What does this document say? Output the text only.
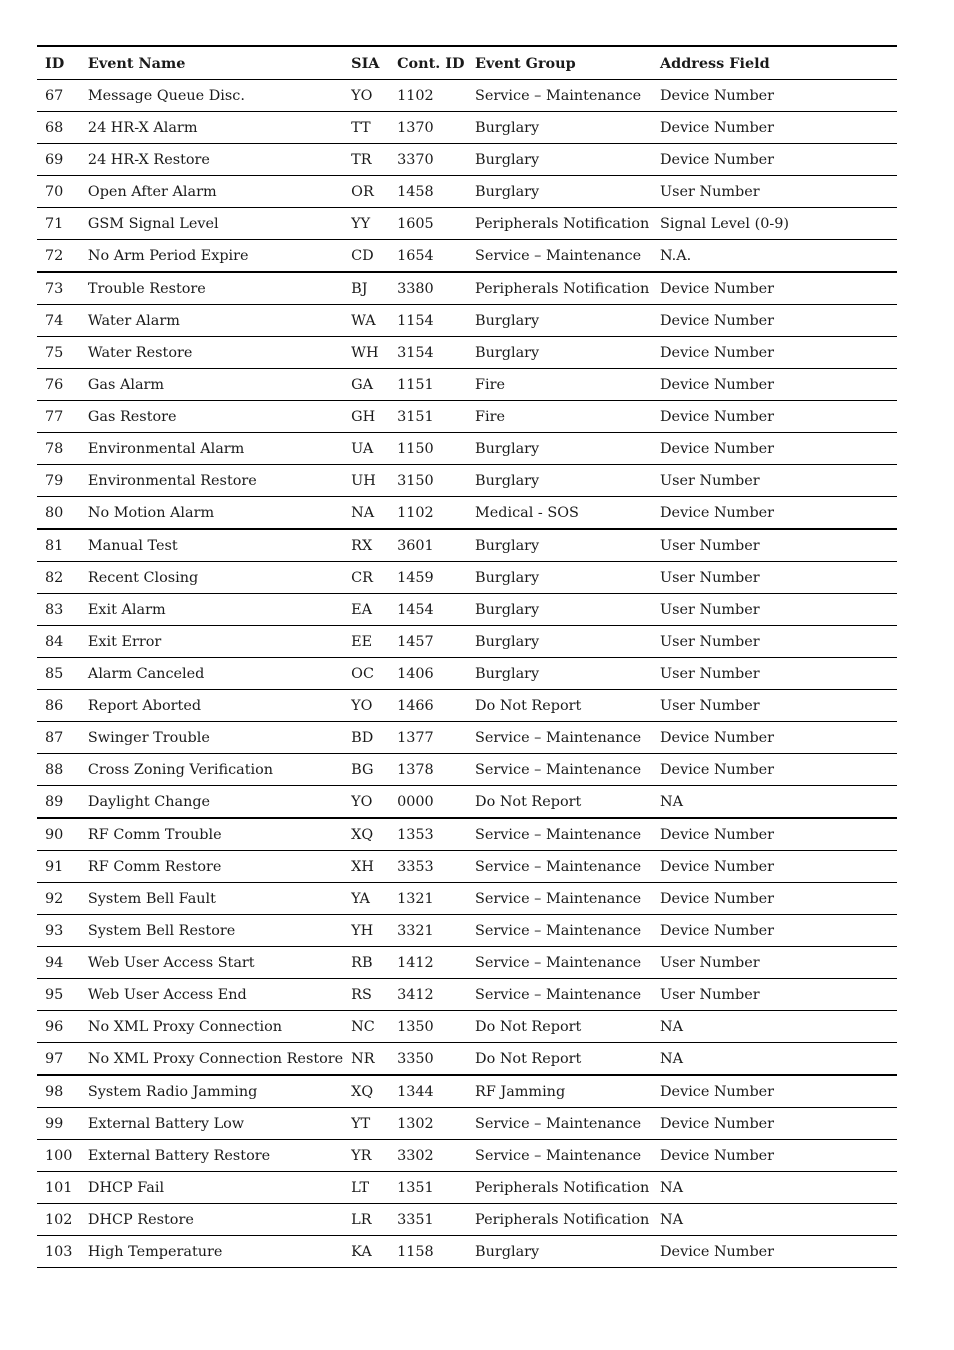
ID	Event Name	SIA	Cont. ID	Event Group	Address Field
67	Message Queue Disc.	YO	1102	Service – Maintenance	Device Number
68	24 HR-X Alarm	TT	1370	Burglary	Device Number
69	24 HR-X Restore	TR	3370	Burglary	Device Number
70	Open After Alarm	OR	1458	Burglary	User Number
71	GSM Signal Level	YY	1605	Peripherals Notification	Signal Level (0-9)
72	No Arm Period Expire	CD	1654	Service – Maintenance	N.A.
73	Trouble Restore	BJ	3380	Peripherals Notification	Device Number
74	Water Alarm	WA	1154	Burglary	Device Number
75	Water Restore	WH	3154	Burglary	Device Number
76	Gas Alarm	GA	1151	Fire	Device Number
77	Gas Restore	GH	3151	Fire	Device Number
78	Environmental Alarm	UA	1150	Burglary	Device Number
79	Environmental Restore	UH	3150	Burglary	User Number
80	No Motion Alarm	NA	1102	Medical - SOS	Device Number
81	Manual Test	RX	3601	Burglary	User Number
82	Recent Closing	CR	1459	Burglary	User Number
83	Exit Alarm	EA	1454	Burglary	User Number
84	Exit Error	EE	1457	Burglary	User Number
85	Alarm Canceled	OC	1406	Burglary	User Number
86	Report Aborted	YO	1466	Do Not Report	User Number
87	Swinger Trouble	BD	1377	Service – Maintenance	Device Number
88	Cross Zoning Verification	BG	1378	Service – Maintenance	Device Number
89	Daylight Change	YO	0000	Do Not Report	NA
90	RF Comm Trouble	XQ	1353	Service – Maintenance	Device Number
91	RF Comm Restore	XH	3353	Service – Maintenance	Device Number
92	System Bell Fault	YA	1321	Service – Maintenance	Device Number
93	System Bell Restore	YH	3321	Service – Maintenance	Device Number
94	Web User Access Start	RB	1412	Service – Maintenance	User Number
95	Web User Access End	RS	3412	Service – Maintenance	User Number
96	No XML Proxy Connection	NC	1350	Do Not Report	NA
97	No XML Proxy Connection Restore	NR	3350	Do Not Report	NA
98	System Radio Jamming	XQ	1344	RF Jamming	Device Number
99	External Battery Low	YT	1302	Service – Maintenance	Device Number
100	External Battery Restore	YR	3302	Service – Maintenance	Device Number
101	DHCP Fail	LT	1351	Peripherals Notification	NA
102	DHCP Restore	LR	3351	Peripherals Notification	NA
103	High Temperature	KA	1158	Burglary	Device Number
